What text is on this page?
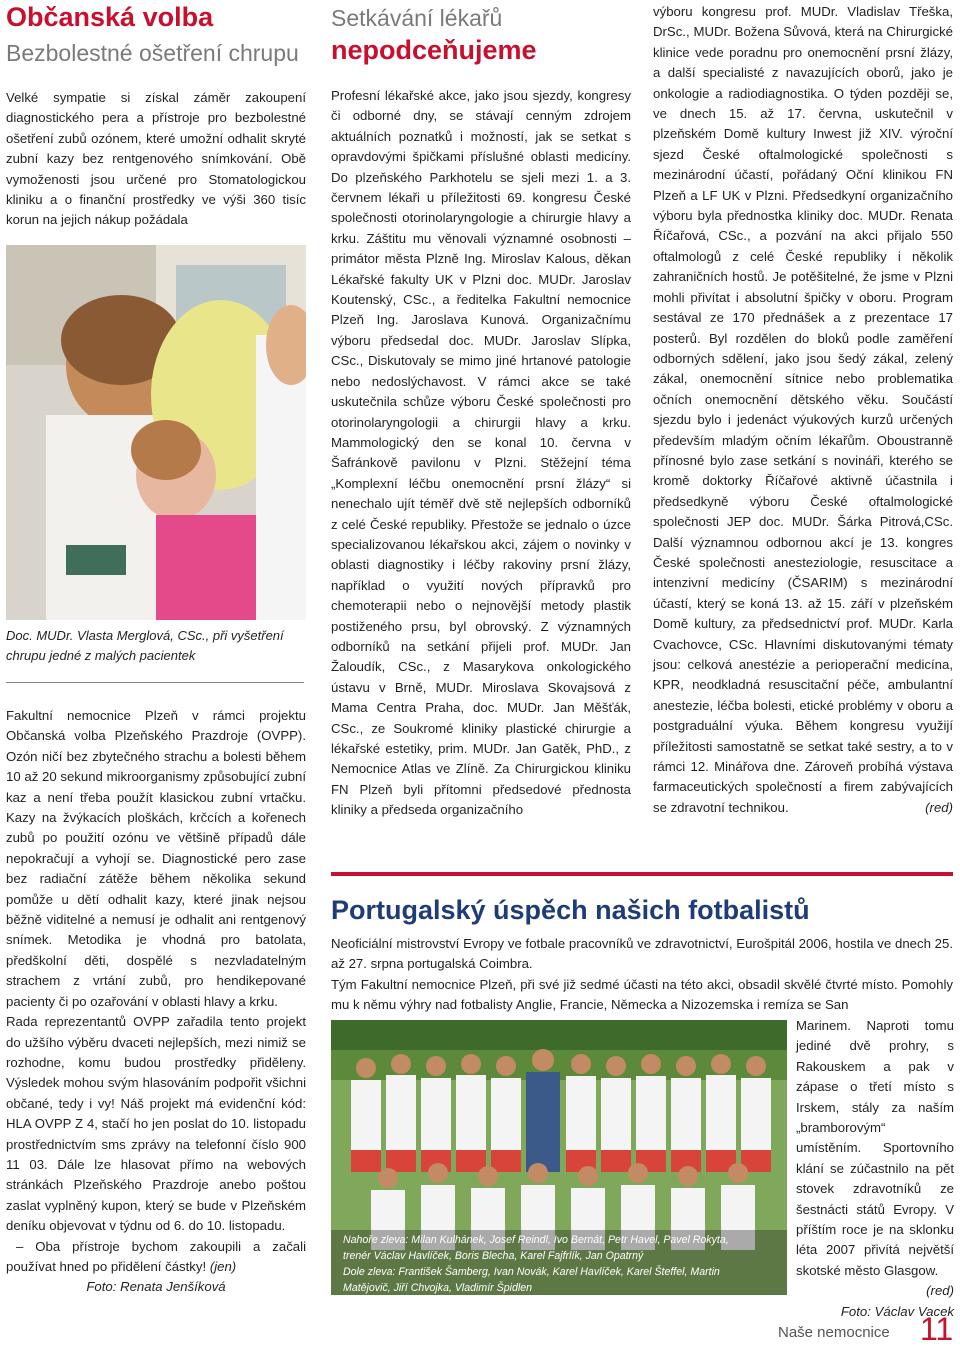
Občanská volba
Bezbolestné ošetření chrupu
Velké sympatie si získal záměr zakoupení diagnostického pera a přístroje pro bezbolestné ošetření zubů ozónem, které umožní odhalit skryté zubní kazy bez rentgenového snímkování. Obě vymoženosti jsou určené pro Stomatologickou kliniku a o finanční prostředky ve výši 360 tisíc korun na jejich nákup požádala
Doc. MUDr. Vlasta Merglová, CSc., při vyšetření chrupu jedné z malých pacientek

Fakultní nemocnice Plzeň v rámci projektu Občanská volba Plzeňského Prazdroje (OVPP). Ozón ničí bez zbytečného strachu a bolesti během 10 až 20 sekund mikroorganismy způsobující zubní kaz a není třeba použít klasickou zubní vrtačku. Kazy na žvýkacích ploškách, krčcích a kořenech zubů po použití ozónu ve většině případů dále nepokračují a vyhojí se. Diagnostické pero zase bez radiační zátěže během několika sekund pomůže u dětí odhalit kazy, které jinak nejsou běžně viditelné a nemusí je odhalit ani rentgenový snímek. Metodika je vhodná pro batolata, předškolní děti, dospělé s nezvladatelným strachem z vrtání zubů, pro hendikepované pacienty či po ozařování v oblasti hlavy a krku.

Rada reprezentantů OVPP zařadila tento projekt do užšího výběru dvaceti nejlepších, mezi nimiž se rozhodne, komu budou prostředky přiděleny. Výsledek mohou svým hlasováním podpořit všichni občané, tedy i vy! Náš projekt má evidenční kód: HLA OVPP Z 4, stačí ho jen poslat do 10. listopadu prostřednictvím sms zprávy na telefonní číslo 900 11 03. Dále lze hlasovat přímo na webových stránkách Plzeňského Prazdroje anebo poštou zaslat vyplněný kupon, který se bude v Plzeňském deníku objevovat v týdnu od 6. do 10. listopadu.

– Oba přístroje bychom zakoupili a začali používat hned po přidělení částky! (jen)

Foto: Renata Jenšíková

Setkávání lékařů
nepodceňujeme
Profesní lékařské akce, jako jsou sjezdy, kongresy či odborné dny, se stávají cenným zdrojem aktuálních poznatků i možností, jak se setkat s opravdovými špičkami příslušné oblasti medicíny. Do plzeňského Parkhotelu se sjeli mezi 1. a 3. červnem lékaři u příležitosti 69. kongresu České společnosti otorinolaryngologie a chirurgie hlavy a krku. Záštitu mu věnovali významné osobnosti – primátor města Plzně Ing. Miroslav Kalous, děkan Lékařské fakulty UK v Plzni doc. MUDr. Jaroslav Koutenský, CSc., a ředitelka Fakultní nemocnice Plzeň Ing. Jaroslava Kunová. Organizačnímu výboru předsedal doc. MUDr. Jaroslav Slípka, CSc., Diskutovaly se mimo jiné hrtanové patologie nebo nedoslýchavost. V rámci akce se také uskutečnila schůze výboru České společnosti pro otorinolaryngologii a chirurgii hlavy a krku. Mammologický den se konal 10. června v Šafránkově pavilonu v Plzni. Stěžejní téma „Komplexní léčbu onemocnění prsní žlázy“ si nenechalo ujít téměř dvě stě nejlepších odborníků z celé České republiky. Přestože se jednalo o úzce specializovanou lékařskou akci, zájem o novinky v oblasti diagnostiky i léčby rakoviny prsní žlázy, například o využití nových přípravků pro chemoterapii nebo o nejnovější metody plastik postiženého prsu, byl obrovský. Z významných odborníků na setkání přijeli prof. MUDr. Jan Žaloudík, CSc., z Masarykova onkologického ústavu v Brně, MUDr. Miroslava Skovajsová z Mama Centra Praha, doc. MUDr. Jan Měšťák, CSc., ze Soukromé kliniky plastické chirurgie a lékařské estetiky, prim. MUDr. Jan Gatěk, PhD., z Nemocnice Atlas ve Zlíně. Za Chirurgickou kliniku FN Plzeň byli přítomni předsedové přednosta kliniky a předseda organizačního
výboru kongresu prof. MUDr. Vladislav Třeška, DrSc., MUDr. Božena Sůvová, která na Chirurgické klinice vede poradnu pro onemocnění prsní žlázy, a další specialisté z navazujících oborů, jako je onkologie a radiodiagnostika. O týden později se, ve dnech 15. až 17. června, uskutečnil v plzeňském Domě kultury Inwest již XIV. výroční sjezd České oftalmologické společnosti s mezinárodní účastí, pořádaný Oční klinikou FN Plzeň a LF UK v Plzni. Předsedkyní organizačního výboru byla přednostka kliniky doc. MUDr. Renata Říčařová, CSc., a pozvání na akci přijalo 550 oftalmologů z celé České republiky i několik zahraničních hostů. Je potěšitelné, že jsme v Plzni mohli přivítat i absolutní špičky v oboru. Program sestával ze 170 přednášek a z prezentace 17 posterů. Byl rozdělen do bloků podle zaměření odborných sdělení, jako jsou šedý zákal, zelený zákal, onemocnění sítnice nebo problematika očních onemocnění dětského věku. Součástí sjezdu bylo i jedenáct výukových kurzů určených především mladým očním lékařům. Oboustranně přínosné bylo zase setkání s novináři, kterého se kromě doktorky Říčařové aktivně účastnila i předsedkyně výboru České oftalmologické společnosti JEP doc. MUDr. Šárka Pitrová,CSc. Další významnou odbornou akcí je 13. kongres České společnosti anesteziologie, resuscitace a intenzivní medicíny (ČSARIM) s mezinárodní účastí, který se koná 13. až 15. září v plzeňském Domě kultury, za předsednictví prof. MUDr. Karla Cvachovce, CSc. Hlavními diskutovanými tématy jsou: celková anestézie a perioperační medicína, KPR, neodkladná resuscitační péče, ambulantní anestezie, léčba bolesti, etické problémy v oboru a postgraduální výuka. Během kongresu využijí příležitosti samostatně se setkat také sestry, a to v rámci 12. Minářova dne. Zároveň probíhá výstava farmaceutických společností a firem zabývajících se zdravotní technikou.	(red)
Portugalský úspěch našich fotbalistů

Neoficiální mistrovství Evropy ve fotbale pracovníků ve zdravotnictví, Eurošpitál 2006, hostila ve dnech 25. až 27. srpna portugalská Coimbra.

Tým Fakultní nemocnice Plzeň, při své již sedmé účasti na této akci, obsadil skvělé čtvrté místo. Pomohly mu k němu výhry nad fotbalisty Anglie, Francie, Německa a Nizozemska i remíza se San

Nahoře zleva: Milan Kulhánek, Josef Reindl, Ivo Bernát, Petr Havel, Pavel Rokyta,
trenér Václav Havlíček, Boris Blecha, Karel Fajfrlík, Jan Opatrný
Dole zleva: František Šamberg, Ivan Novák, Karel Havlíček, Karel Šteffel, Martin
Matějovič, Jiří Chvojka, Vladimír Špidlen
Marinem. Naproti tomu jediné dvě prohry, s Rakouskem a pak v zápase o třetí místo s Irskem, stály za naším „bramborovým“ umístěním. Sportovního klání se zúčastnilo na pět stovek zdravotníků ze šestnácti států Evropy. V příštím roce je na sklonku léta 2007 přivítá největší skotské město Glasgow.
(red)

Foto: Václav Vacek

Naše nemocnice 11
